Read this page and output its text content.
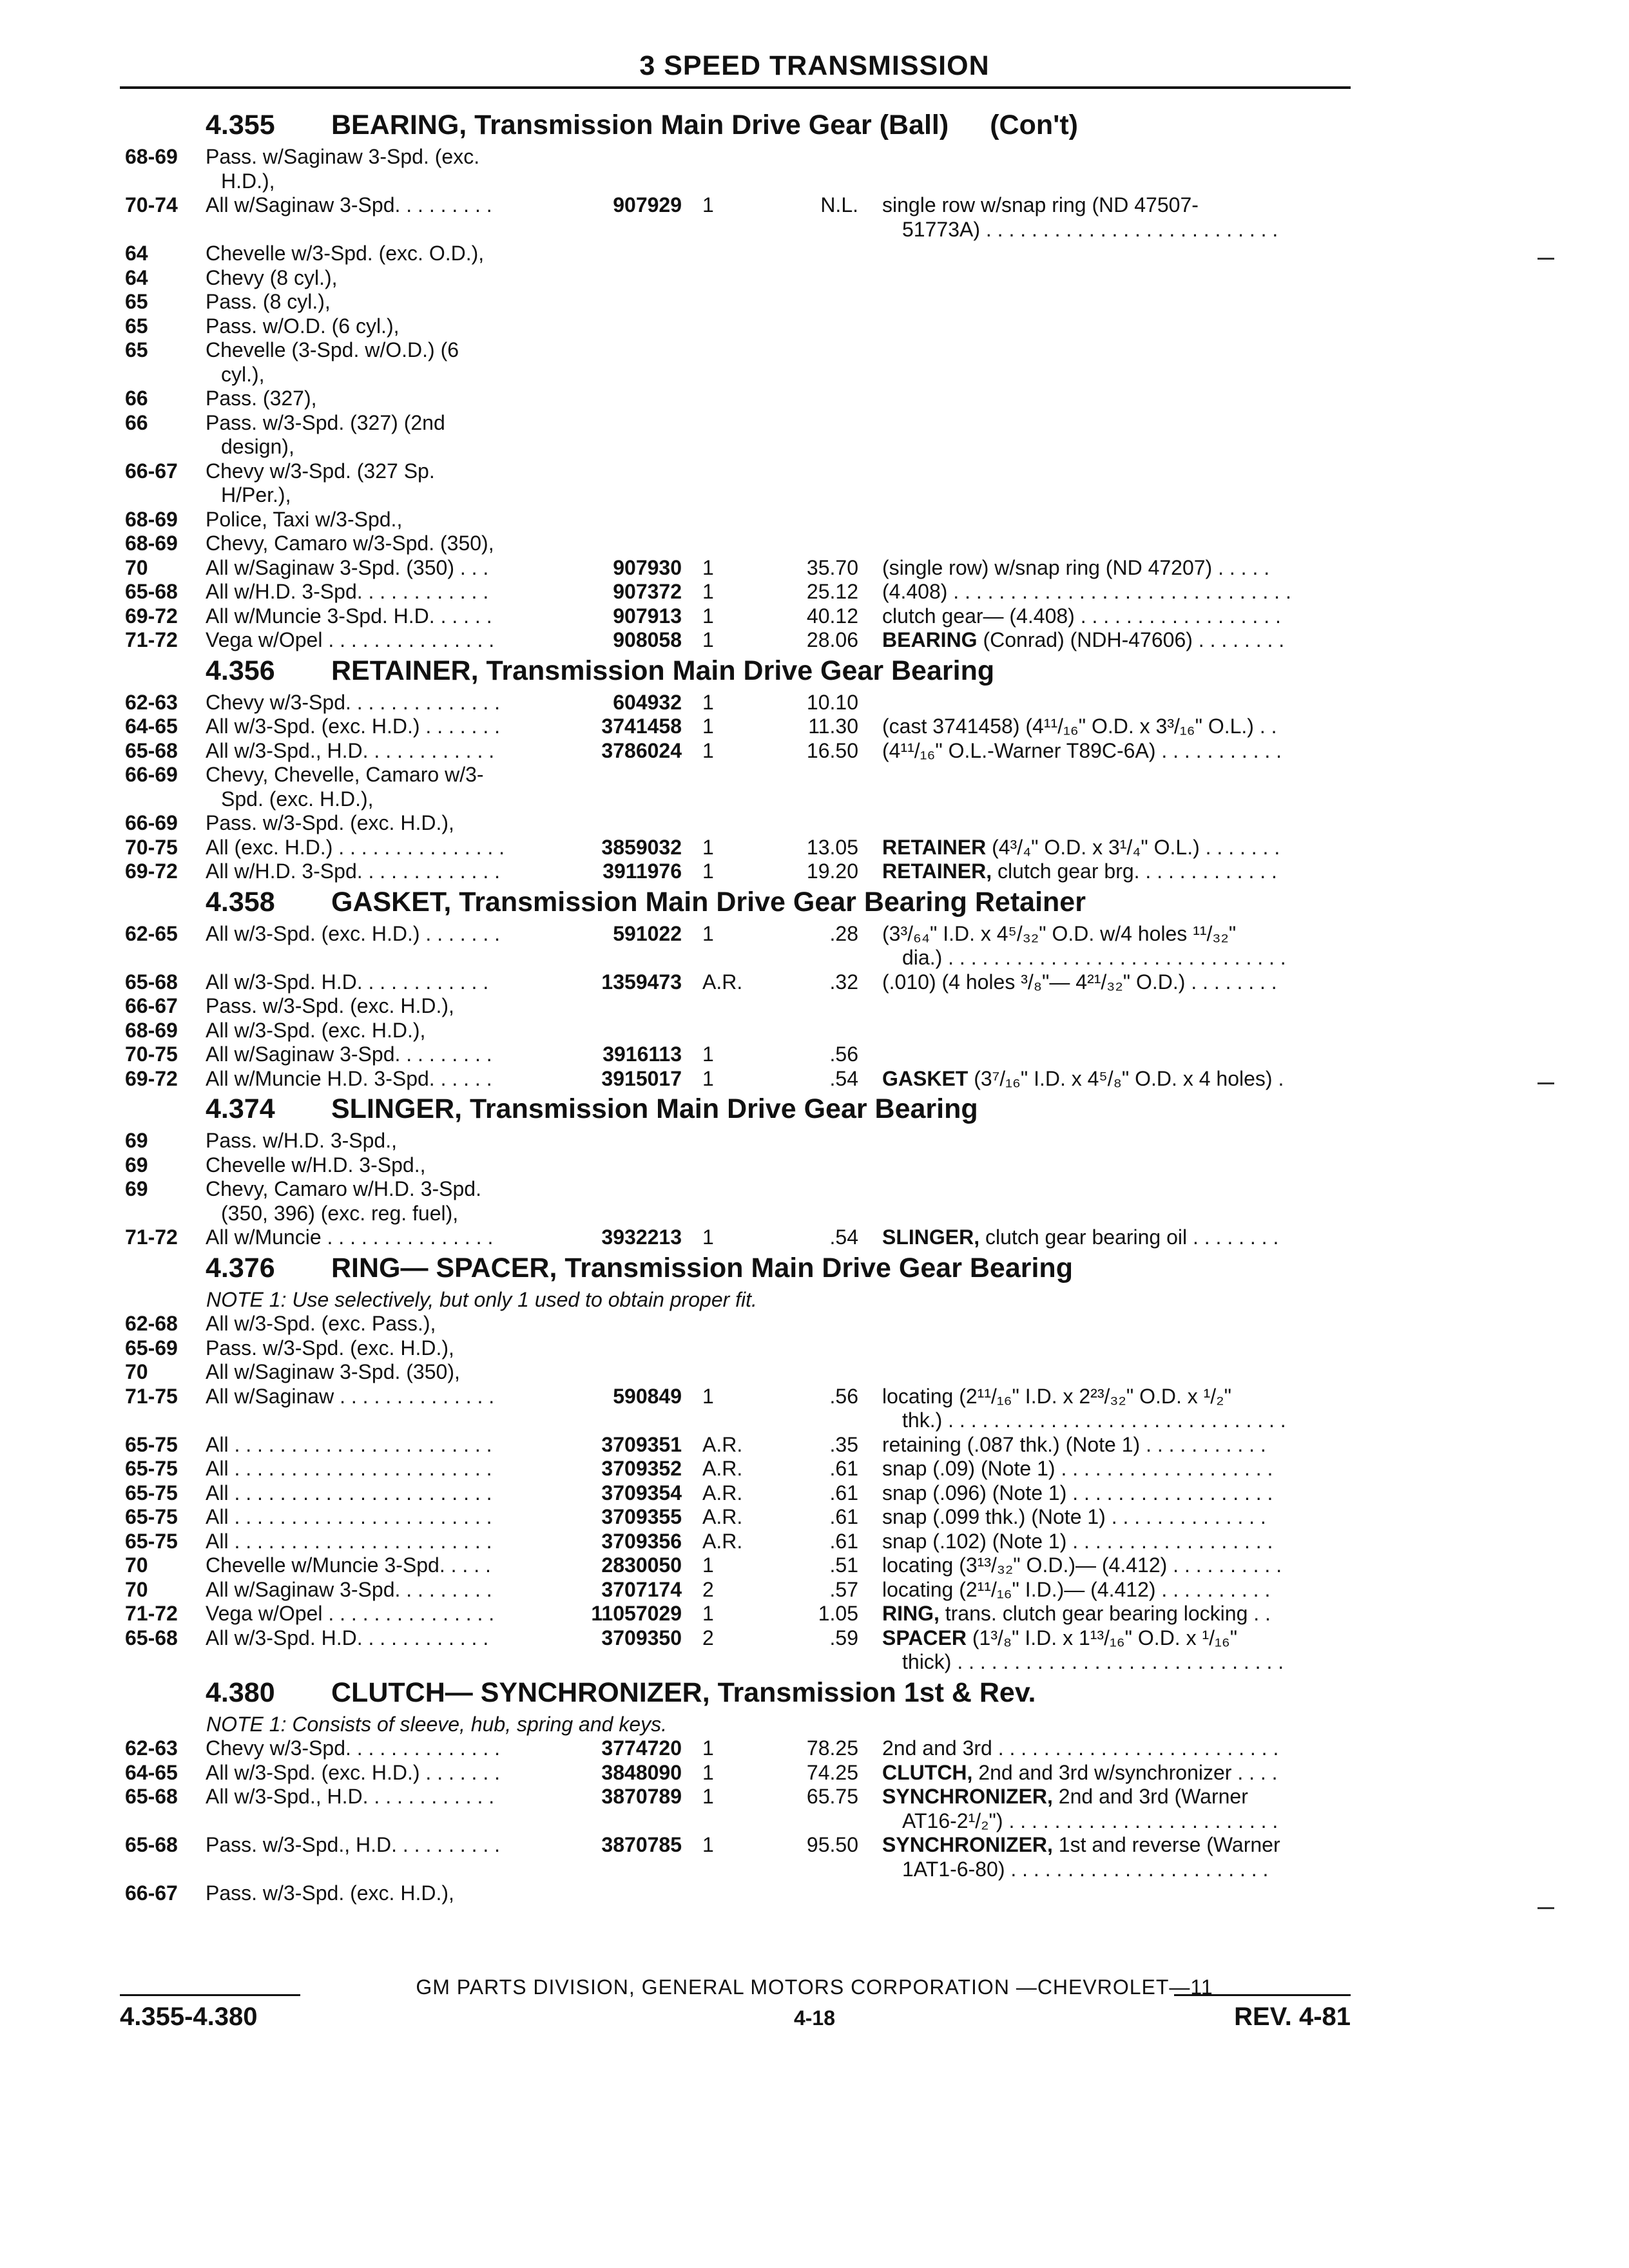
3 SPEED TRANSMISSION
4.355 BEARING, Transmission Main Drive Gear (Ball) (Con't)
68-69 Pass. w/Saginaw 3-Spd. (exc.
H.D.),
70-74 All w/Saginaw 3-Spd. . . . . . . . .	907929 1	N.L. single row w/snap ring (ND 47507-
51773A) . . . . . . . . . . . . . . . . . . . . . . . . . .
64	Chevelle w/3-Spd. (exc. O.D.),
64	Chevy (8 cyl.),
65	Pass. (8 cyl.),
65	Pass. w/O.D. (6 cyl.),
65	Chevelle (3-Spd. w/O.D.) (6
cyl.),
66	Pass. (327),
66	Pass. w/3-Spd. (327) (2nd
design),
66-67 Chevy w/3-Spd. (327 Sp.
H/Per.),
68-69 Police, Taxi w/3-Spd.,
68-69 Chevy, Camaro w/3-Spd. (350),
70	All w/Saginaw 3-Spd. (350) . . .	907930 1	35.70 (single row) w/snap ring (ND 47207) . . . . .
65-68 All w/H.D. 3-Spd. . . . . . . . . . . .	907372 1	25.12 (4.408) . . . . . . . . . . . . . . . . . . . . . . . . . . . . . .
69-72 All w/Muncie 3-Spd. H.D. . . . . .	907913 1	40.12 clutch gear— (4.408) . . . . . . . . . . . . . . . . . .
71-72 Vega w/Opel . . . . . . . . . . . . . . .	908058 1	28.06 BEARING (Conrad) (NDH-47606) . . . . . . . .
4.356 RETAINER, Transmission Main Drive Gear Bearing
62-63 Chevy w/3-Spd. . . . . . . . . . . . . .	604932 1	10.10
64-65 All w/3-Spd. (exc. H.D.) . . . . . . .	3741458 1	11.30 (cast 3741458) (4¹¹/₁₆" O.D. x 3³/₁₆" O.L.) . .
65-68 All w/3-Spd., H.D. . . . . . . . . . . .	3786024 1	16.50 (4¹¹/₁₆" O.L.-Warner T89C-6A) . . . . . . . . . . .
66-69 Chevy, Chevelle, Camaro w/3-
Spd. (exc. H.D.),
66-69 Pass. w/3-Spd. (exc. H.D.),
70-75 All (exc. H.D.) . . . . . . . . . . . . . . .	3859032 1	13.05 RETAINER (4³/₄" O.D. x 3¹/₄" O.L.) . . . . . . .
69-72 All w/H.D. 3-Spd. . . . . . . . . . . . .	3911976 1	19.20 RETAINER, clutch gear brg. . . . . . . . . . . . .
4.358 GASKET, Transmission Main Drive Gear Bearing Retainer
62-65 All w/3-Spd. (exc. H.D.) . . . . . . .	591022 1	.28 (3³/₆₄" I.D. x 4⁵/₃₂" O.D. w/4 holes ¹¹/₃₂"
dia.) . . . . . . . . . . . . . . . . . . . . . . . . . . . . . .
65-68 All w/3-Spd. H.D. . . . . . . . . . . .	1359473 A.R.	.32 (.010) (4 holes ³/₈"— 4²¹/₃₂" O.D.) . . . . . . . .
66-67 Pass. w/3-Spd. (exc. H.D.),
68-69 All w/3-Spd. (exc. H.D.),
70-75 All w/Saginaw 3-Spd. . . . . . . . .	3916113 1	.56
69-72 All w/Muncie H.D. 3-Spd. . . . . .	3915017 1	.54 GASKET (3⁷/₁₆" I.D. x 4⁵/₈" O.D. x 4 holes) .
4.374 SLINGER, Transmission Main Drive Gear Bearing
69	Pass. w/H.D. 3-Spd.,
69	Chevelle w/H.D. 3-Spd.,
69	Chevy, Camaro w/H.D. 3-Spd.
(350, 396) (exc. reg. fuel),
71-72 All w/Muncie . . . . . . . . . . . . . . .	3932213 1	.54 SLINGER, clutch gear bearing oil . . . . . . . .
4.376 RING— SPACER, Transmission Main Drive Gear Bearing
NOTE 1: Use selectively, but only 1 used to obtain proper fit.
62-68 All w/3-Spd. (exc. Pass.),
65-69 Pass. w/3-Spd. (exc. H.D.),
70	All w/Saginaw 3-Spd. (350),
71-75 All w/Saginaw . . . . . . . . . . . . . .	590849 1	.56 locating (2¹¹/₁₆" I.D. x 2²³/₃₂" O.D. x ¹/₂"
thk.) . . . . . . . . . . . . . . . . . . . . . . . . . . . . . .
65-75 All . . . . . . . . . . . . . . . . . . . . . . .	3709351 A.R.	.35 retaining (.087 thk.) (Note 1) . . . . . . . . . . .
65-75 All . . . . . . . . . . . . . . . . . . . . . . .	3709352 A.R.	.61 snap (.09) (Note 1) . . . . . . . . . . . . . . . . . . .
65-75 All . . . . . . . . . . . . . . . . . . . . . . .	3709354 A.R.	.61 snap (.096) (Note 1) . . . . . . . . . . . . . . . . . .
65-75 All . . . . . . . . . . . . . . . . . . . . . . .	3709355 A.R.	.61 snap (.099 thk.) (Note 1) . . . . . . . . . . . . . .
65-75 All . . . . . . . . . . . . . . . . . . . . . . .	3709356 A.R.	.61 snap (.102) (Note 1) . . . . . . . . . . . . . . . . . .
70	Chevelle w/Muncie 3-Spd. . . . .	2830050 1	.51 locating (3¹³/₃₂" O.D.)— (4.412) . . . . . . . . . .
70	All w/Saginaw 3-Spd. . . . . . . . .	3707174 2	.57 locating (2¹¹/₁₆" I.D.)— (4.412) . . . . . . . . . .
71-72 Vega w/Opel . . . . . . . . . . . . . . .	11057029 1	1.05 RING, trans. clutch gear bearing locking . .
65-68 All w/3-Spd. H.D. . . . . . . . . . . .	3709350 2	.59 SPACER (1³/₈" I.D. x 1¹³/₁₆" O.D. x ¹/₁₆"
thick) . . . . . . . . . . . . . . . . . . . . . . . . . . . . .
4.380 CLUTCH— SYNCHRONIZER, Transmission 1st & Rev.
NOTE 1: Consists of sleeve, hub, spring and keys.
62-63 Chevy w/3-Spd. . . . . . . . . . . . . .	3774720 1	78.25 2nd and 3rd . . . . . . . . . . . . . . . . . . . . . . . . .
64-65 All w/3-Spd. (exc. H.D.) . . . . . . .	3848090 1	74.25 CLUTCH, 2nd and 3rd w/synchronizer . . . .
65-68 All w/3-Spd., H.D. . . . . . . . . . . .	3870789 1	65.75 SYNCHRONIZER, 2nd and 3rd (Warner
AT16-2¹/₂") . . . . . . . . . . . . . . . . . . . . . . . .
65-68 Pass. w/3-Spd., H.D. . . . . . . . . .	3870785 1	95.50 SYNCHRONIZER, 1st and reverse (Warner
1AT1-6-80) . . . . . . . . . . . . . . . . . . . . . . .
66-67 Pass. w/3-Spd. (exc. H.D.),
GM PARTS DIVISION, GENERAL MOTORS CORPORATION —CHEVROLET—11
4.355-4.380	4-18	REV. 4-81
